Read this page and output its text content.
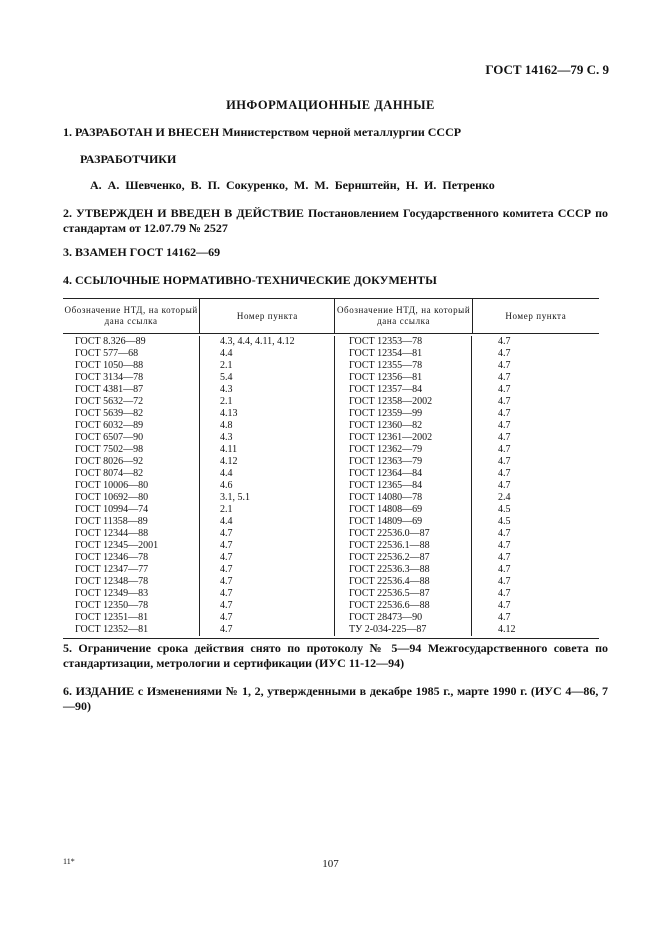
ГОСТ 14162—79 С. 9
ИНФОРМАЦИОННЫЕ ДАННЫЕ
1. РАЗРАБОТАН И ВНЕСЕН Министерством черной металлургии СССР
РАЗРАБОТЧИКИ
А. А. Шевченко, В. П. Сокуренко, М. М. Бернштейн, Н. И. Петренко
2. УТВЕРЖДЕН И ВВЕДЕН В ДЕЙСТВИЕ Постановлением Государственного комитета СССР по стандартам от 12.07.79 № 2527
3. ВЗАМЕН ГОСТ 14162—69
4. ССЫЛОЧНЫЕ НОРМАТИВНО-ТЕХНИЧЕСКИЕ ДОКУМЕНТЫ
Обозначение НТД, на который дана ссылка
Номер пункта
Обозначение НТД, на который дана ссылка
Номер пункта
ГОСТ 8.326—89
ГОСТ 577—68
ГОСТ 1050—88
ГОСТ 3134—78
ГОСТ 4381—87
ГОСТ 5632—72
ГОСТ 5639—82
ГОСТ 6032—89
ГОСТ 6507—90
ГОСТ 7502—98
ГОСТ 8026—92
ГОСТ 8074—82
ГОСТ 10006—80
ГОСТ 10692—80
ГОСТ 10994—74
ГОСТ 11358—89
ГОСТ 12344—88
ГОСТ 12345—2001
ГОСТ 12346—78
ГОСТ 12347—77
ГОСТ 12348—78
ГОСТ 12349—83
ГОСТ 12350—78
ГОСТ 12351—81
ГОСТ 12352—81
4.3, 4.4, 4.11, 4.12
4.4
2.1
5.4
4.3
2.1
4.13
4.8
4.3
4.11
4.12
4.4
4.6
3.1, 5.1
2.1
4.4
4.7
4.7
4.7
4.7
4.7
4.7
4.7
4.7
4.7
ГОСТ 12353—78
ГОСТ 12354—81
ГОСТ 12355—78
ГОСТ 12356—81
ГОСТ 12357—84
ГОСТ 12358—2002
ГОСТ 12359—99
ГОСТ 12360—82
ГОСТ 12361—2002
ГОСТ 12362—79
ГОСТ 12363—79
ГОСТ 12364—84
ГОСТ 12365—84
ГОСТ 14080—78
ГОСТ 14808—69
ГОСТ 14809—69
ГОСТ 22536.0—87
ГОСТ 22536.1—88
ГОСТ 22536.2—87
ГОСТ 22536.3—88
ГОСТ 22536.4—88
ГОСТ 22536.5—87
ГОСТ 22536.6—88
ГОСТ 28473—90
ТУ 2-034-225—87
4.7
4.7
4.7
4.7
4.7
4.7
4.7
4.7
4.7
4.7
4.7
4.7
4.7
2.4
4.5
4.5
4.7
4.7
4.7
4.7
4.7
4.7
4.7
4.7
4.12
5. Ограничение срока действия снято по протоколу № 5—94 Межгосударственного совета по стандартизации, метрологии и сертификации (ИУС 11-12—94)
6. ИЗДАНИЕ с Изменениями № 1, 2, утвержденными в декабре 1985 г., марте 1990 г. (ИУС 4—86, 7—90)
11*	107
